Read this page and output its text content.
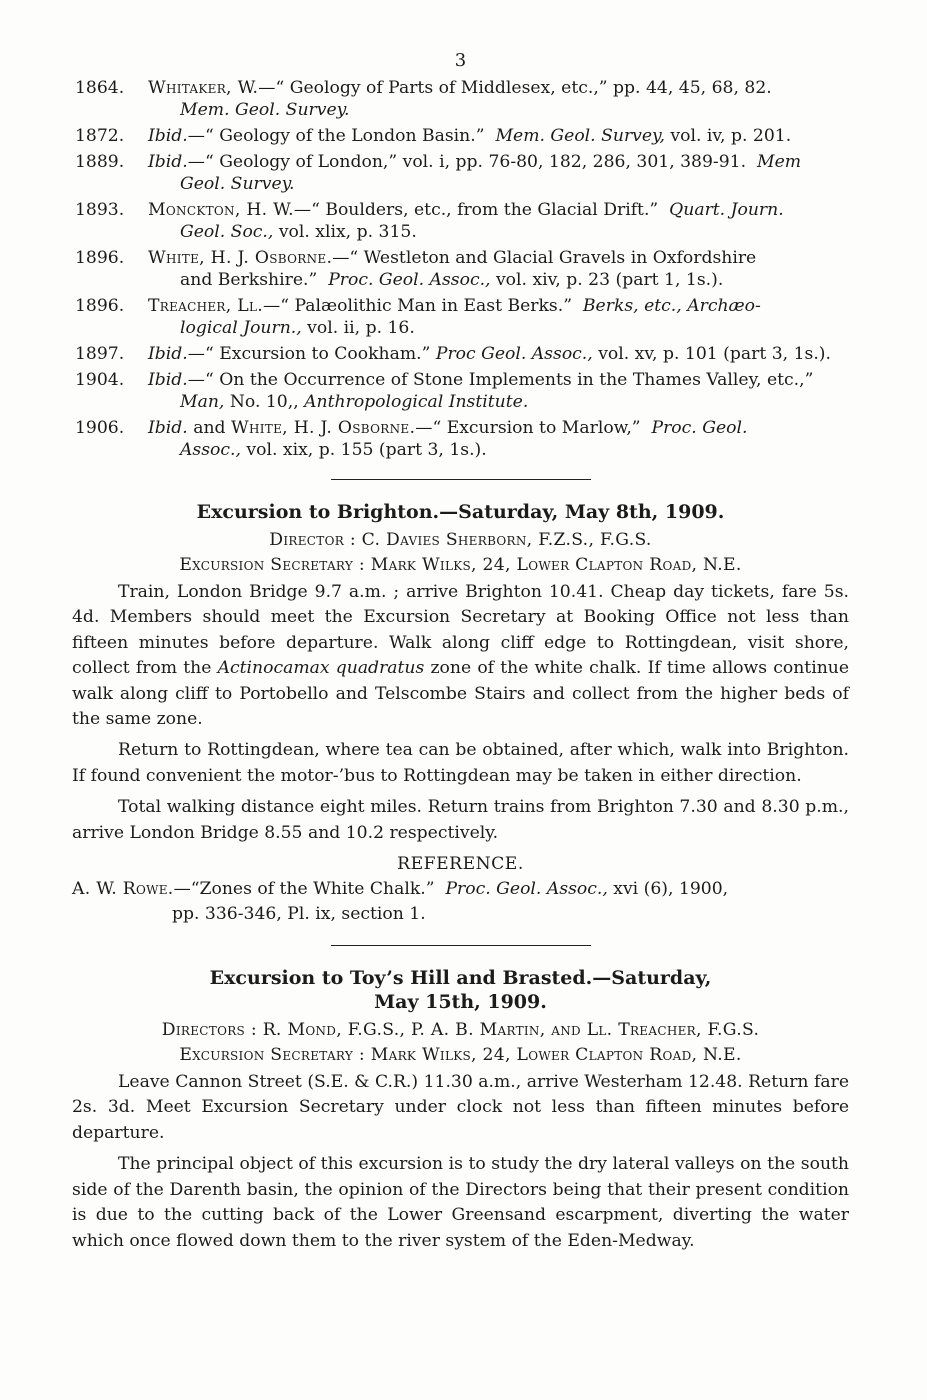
3
1864.	Whitaker, W.—“ Geology of Parts of Middlesex, etc.,” pp. 44, 45, 68, 82.
Mem. Geol. Survey.
1872.	Ibid.—“ Geology of the London Basin.” Mem. Geol. Survey, vol. iv, p. 201.
1889.	Ibid.—“ Geology of London,” vol. i, pp. 76-80, 182, 286, 301, 389-91. Mem
Geol. Survey.
1893.	Monckton, H. W.—“ Boulders, etc., from the Glacial Drift.” Quart. Journ.
Geol. Soc., vol. xlix, p. 315.
1896.	White, H. J. Osborne.—“ Westleton and Glacial Gravels in Oxfordshire
and Berkshire.” Proc. Geol. Assoc., vol. xiv, p. 23 (part 1, 1s.).
1896.	Treacher, Ll.—“ Palæolithic Man in East Berks.” Berks, etc., Archæo-
logical Journ., vol. ii, p. 16.
1897.	Ibid.—“ Excursion to Cookham.” Proc Geol. Assoc., vol. xv, p. 101 (part 3, 1s.).
1904.	Ibid.—“ On the Occurrence of Stone Implements in the Thames Valley, etc.,”
Man, No. 10,, Anthropological Institute.
1906.	Ibid. and White, H. J. Osborne.—“ Excursion to Marlow,” Proc. Geol.
Assoc., vol. xix, p. 155 (part 3, 1s.).
Excursion to Brighton.—Saturday, May 8th, 1909.
Director : C. Davies Sherborn, F.Z.S., F.G.S.
Excursion Secretary : Mark Wilks, 24, Lower Clapton Road, N.E.

Train, London Bridge 9.7 a.m. ; arrive Brighton 10.41. Cheap day tickets, fare 5s. 4d. Members should meet the Excursion Secretary at Booking Office not less than fifteen minutes before departure. Walk along cliff edge to Rottingdean, visit shore, collect from the Actinocamax quadratus zone of the white chalk. If time allows continue walk along cliff to Portobello and Telscombe Stairs and collect from the higher beds of the same zone.

Return to Rottingdean, where tea can be obtained, after which, walk into Brighton. If found convenient the motor-’bus to Rottingdean may be taken in either direction.

Total walking distance eight miles. Return trains from Brighton 7.30 and 8.30 p.m., arrive London Bridge 8.55 and 10.2 respectively.

REFERENCE.
A. W. Rowe.—“Zones of the White Chalk.” Proc. Geol. Assoc., xvi (6), 1900,
pp. 336-346, Pl. ix, section 1.
Excursion to Toy’s Hill and Brasted.—Saturday,
May 15th, 1909.
Directors : R. Mond, F.G.S., P. A. B. Martin, and Ll. Treacher, F.G.S.
Excursion Secretary : Mark Wilks, 24, Lower Clapton Road, N.E.

Leave Cannon Street (S.E. & C.R.) 11.30 a.m., arrive Westerham 12.48. Return fare 2s. 3d. Meet Excursion Secretary under clock not less than fifteen minutes before departure.

The principal object of this excursion is to study the dry lateral valleys on the south side of the Darenth basin, the opinion of the Directors being that their present condition is due to the cutting back of the Lower Greensand escarpment, diverting the water which once flowed down them to the river system of the Eden-Medway.
